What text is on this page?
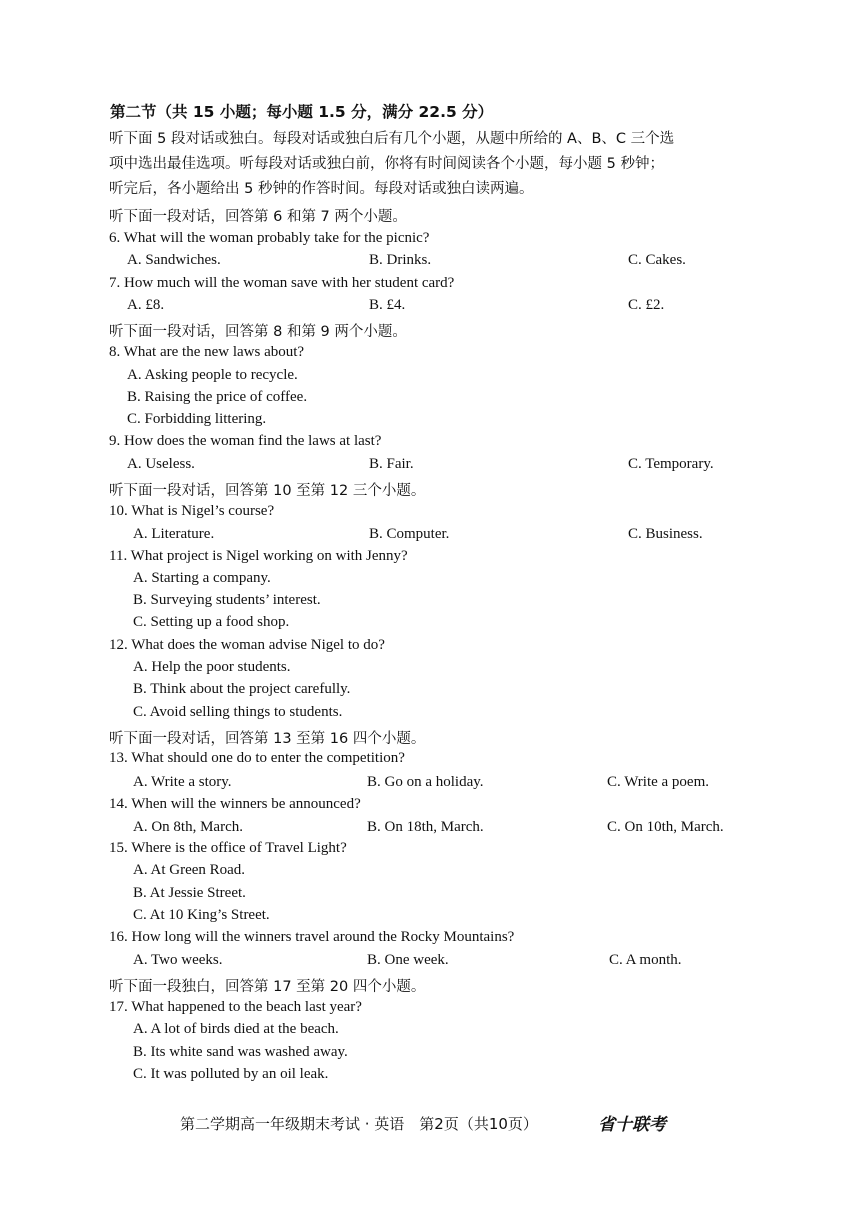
第二节（共 15 小题；每小题 1.5 分，满分 22.5 分）
听下面 5 段对话或独白。每段对话或独白后有几个小题，从题中所给的 A、B、C 三个选
项中选出最佳选项。听每段对话或独白前，你将有时间阅读各个小题，每小题 5 秒钟；
听完后，各小题给出 5 秒钟的作答时间。每段对话或独白读两遍。
听下面一段对话，回答第 6 和第 7 两个小题。
6. What will the woman probably take for the picnic?
A. Sandwiches.	B. Drinks.	C. Cakes.
7. How much will the woman save with her student card?
A. £8.	B. £4.	C. £2.
听下面一段对话，回答第 8 和第 9 两个小题。
8. What are the new laws about?
A. Asking people to recycle.
B. Raising the price of coffee.
C. Forbidding littering.
9. How does the woman find the laws at last?
A. Useless.	B. Fair.	C. Temporary.
听下面一段对话，回答第 10 至第 12 三个小题。
10. What is Nigel’s course?
A. Literature.	B. Computer.	C. Business.
11. What project is Nigel working on with Jenny?
A. Starting a company.
B. Surveying students’ interest.
C. Setting up a food shop.
12. What does the woman advise Nigel to do?
A. Help the poor students.
B. Think about the project carefully.
C. Avoid selling things to students.
听下面一段对话，回答第 13 至第 16 四个小题。
13. What should one do to enter the competition?
A. Write a story.	B. Go on a holiday.	C. Write a poem.
14. When will the winners be announced?
A. On 8th, March.	B. On 18th, March.	C. On 10th, March.
15. Where is the office of Travel Light?
A. At Green Road.
B. At Jessie Street.
C. At 10 King’s Street.
16. How long will the winners travel around the Rocky Mountains?
A. Two weeks.	B. One week.	C. A month.
听下面一段独白，回答第 17 至第 20 四个小题。
17. What happened to the beach last year?
A. A lot of birds died at the beach.
B. Its white sand was washed away.
C. It was polluted by an oil leak.
第二学期高一年级期末考试 · 英语　第2页（共10页）	省十联考
